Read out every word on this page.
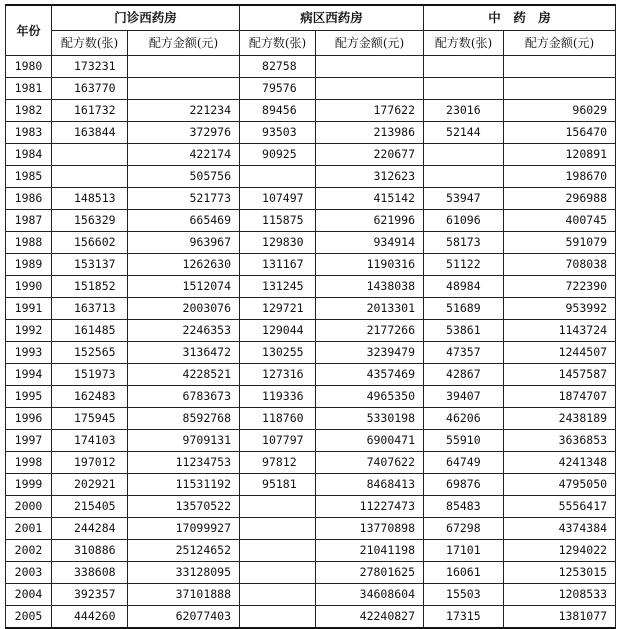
年份	门诊西药房		病区西药房		中　药　房	
	配方数(张)	配方金额(元)	配方数(张)	配方金额(元)	配方数(张)	配方金额(元)
1980	173231		82758			
1981	163770		79576			
1982	161732	221234	89456	177622	23016	96029
1983	163844	372976	93503	213986	52144	156470
1984		422174	90925	220677		120891
1985		505756		312623		198670
1986	148513	521773	107497	415142	53947	296988
1987	156329	665469	115875	621996	61096	400745
1988	156602	963967	129830	934914	58173	591079
1989	153137	1262630	131167	1190316	51122	708038
1990	151852	1512074	131245	1438038	48984	722390
1991	163713	2003076	129721	2013301	51689	953992
1992	161485	2246353	129044	2177266	53861	1143724
1993	152565	3136472	130255	3239479	47357	1244507
1994	151973	4228521	127316	4357469	42867	1457587
1995	162483	6783673	119336	4965350	39407	1874707
1996	175945	8592768	118760	5330198	46206	2438189
1997	174103	9709131	107797	6900471	55910	3636853
1998	197012	11234753	97812	7407622	64749	4241348
1999	202921	11531192	95181	8468413	69876	4795050
2000	215405	13570522		11227473	85483	5556417
2001	244284	17099927		13770898	67298	4374384
2002	310886	25124652		21041198	17101	1294022
2003	338608	33128095		27801625	16061	1253015
2004	392357	37101888		34608604	15503	1208533
2005	444260	62077403		42240827	17315	1381077
